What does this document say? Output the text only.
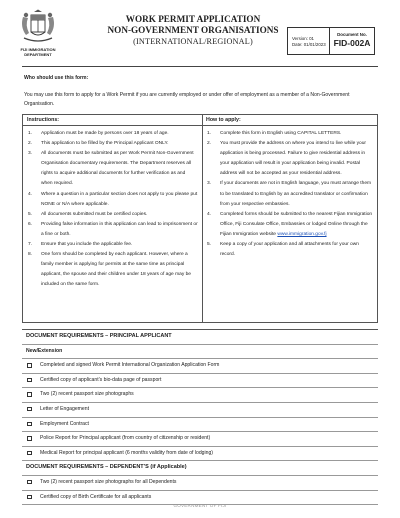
FIJI IMMIGRATION
DEPARTMENT
WORK PERMIT APPLICATION
NON-GOVERNMENT ORGANISATIONS
(INTERNATIONAL/REGIONAL)	Version: 01
Date: 01/01/2023
Document No.
FID-002A
Who should use this form:
You may use this form to apply for a Work Permit if you are currently employed or under offer of employment as a member of a Non-Government Organisation.
Instructions:	How to apply:
1. Application must be made by persons over 18 years of age.
2. This application to be filled by the Principal Applicant ONLY.
3. All documents must be submitted as per Work Permit Non-Government Organisation documentary requirements. The Department reserves all rights to acquire additional documents for further verification as and when required.
4. Where a question in a particular section does not apply to you please put NONE or N/A where applicable.
5. All documents submitted must be certified copies.
6. Providing false information in this application can lead to imprisonment or a fine or both.
7. Ensure that you include the applicable fee.
8. One form should be completed by each applicant. However, where a family member is applying for permits at the same time as principal applicant, the spouse and their children under 18 years of age may be included on the same form.
1. Complete this form in English using CAPITAL LETTERS.
2. You must provide the address on where you intend to live while your application is being processed. Failure to give residential address in your application will result in your application being invalid. Postal address will not be accepted as your residential address.
3. If your documents are not in English language, you must arrange them to be translated to English by an accredited translator or confirmation from your respective embassies.
4. Completed forms should be submitted to the nearest Fijian Immigration Office, Fiji Consulate Office, Embassies or lodged Online through the Fijian Immigration website www.immigration.gov.fj
5. Keep a copy of your application and all attachments for your own record.
DOCUMENT REQUIREMENTS – PRINCIPAL APPLICANT
New/Extension
Completed and signed Work Permit International Organization Application Form
Certified copy of applicant’s bio-data page of passport
Two (2) recent passport size photographs
Letter of Engagement
Employment Contract
Police Report for Principal applicant (from country of citizenship or resident)
Medical Report for principal applicant (6 months validity from date of lodging)
DOCUMENT REQUIREMENTS – DEPENDENT’S (if Applicable)
Two (2) recent passport size photographs for all Dependents
Certified copy of Birth Certificate for all applicants
GOVERNMENT OF FIJI
